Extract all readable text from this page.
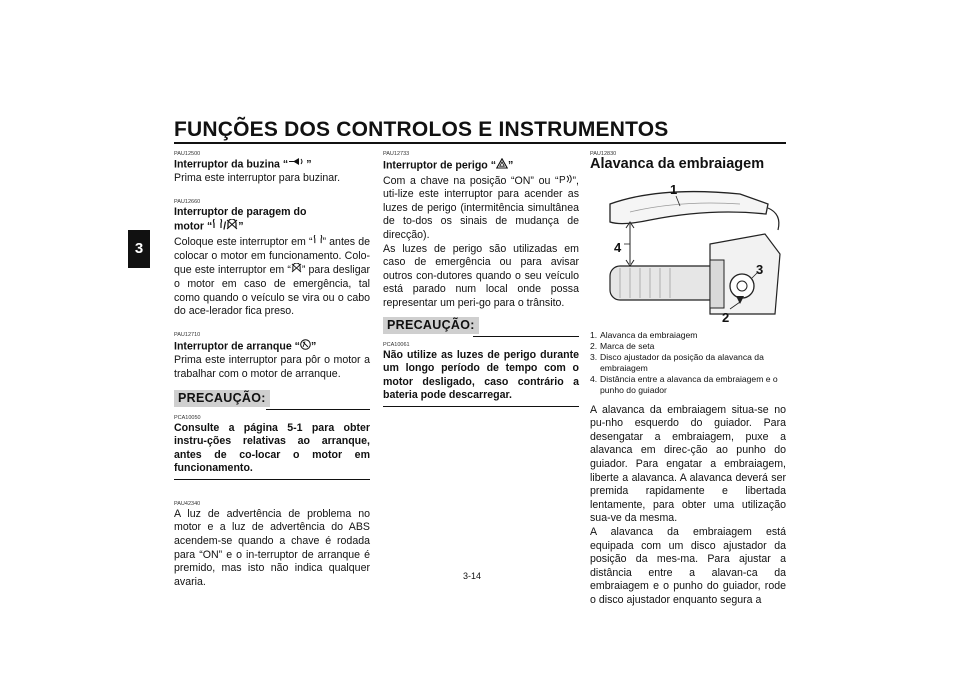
FUNÇÕES DOS CONTROLOS E INSTRUMENTOS
3

PAU12500

Interruptor da buzina “ ”

Prima este interruptor para buzinar.

PAU12660

Interruptor de paragem do

motor “ / ”

Coloque este interruptor em “ ” antes de colocar o motor em funcionamento. Colo-que este interruptor em “ ” para desligar o motor em caso de emergência, tal como quando o veículo se vira ou o cabo do ace-lerador fica preso.

PAU12710

Interruptor de arranque “ ”

Prima este interruptor para pôr o motor a trabalhar com o motor de arranque.

PRECAUÇÃO:

PCA10050

Consulte a página 5-1 para obter instru-ções relativas ao arranque, antes de co-locar o motor em funcionamento.

PAU42340

A luz de advertência de problema no motor e a luz de advertência do ABS acendem-se quando a chave é rodada para “ON” e o in-terruptor de arranque é premido, mas isto não indica qualquer avaria.

PAU12733

Interruptor de perigo “ ”

Com a chave na posição “ON” ou “ P ”, uti-lize este interruptor para acender as luzes de perigo (intermitência simultânea de to-dos os sinais de mudança de direcção).

As luzes de perigo são utilizadas em caso de emergência ou para avisar outros con-dutores quando o seu veículo está parado num local onde possa representar um peri-go para o trânsito.

PRECAUÇÃO:

PCA10061

Não utilize as luzes de perigo durante um longo período de tempo com o motor desligado, caso contrário a bateria pode descarregar.

PAU12830

Alavanca da embraiagem

1
2
3
4
1. Alavanca da embraiagem
2. Marca de seta
3. Disco ajustador da posição da alavanca da embraiagem
4. Distância entre a alavanca da embraiagem e o punho do guiador

A alavanca da embraiagem situa-se no pu-nho esquerdo do guiador. Para desengatar a embraiagem, puxe a alavanca em direc-ção ao punho do guiador. Para engatar a embraiagem, liberte a alavanca. A alavanca deverá ser premida rapidamente e libertada lentamente, para obter uma utilização sua-ve da mesma.

A alavanca da embraiagem está equipada com um disco ajustador da posição da mes-ma. Para ajustar a distância entre a alavan-ca da embraiagem e o punho do guiador, rode o disco ajustador enquanto segura a

3-14
